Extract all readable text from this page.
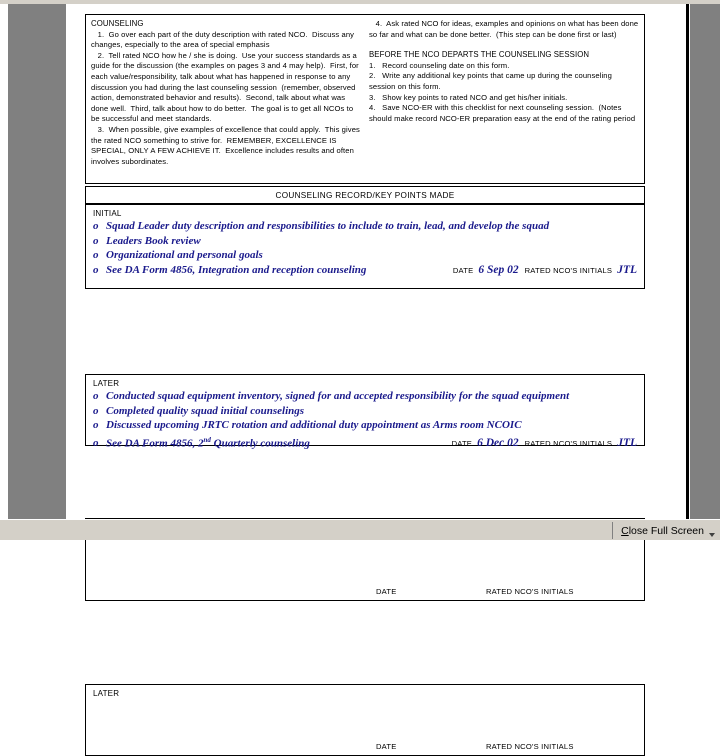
COUNSELING
1.  Go over each part of the duty description with rated NCO.  Discuss any changes, especially to the area of special emphasis
2.  Tell rated NCO how he / she is doing.  Use your success standards as a guide for the discussion (the examples on pages 3 and 4 may help).  First, for each value/responsibility, talk about what has happened in response to any discussion you had during the last counseling session  (remember, observed action, demonstrated behavior and results).  Second, talk about what was done well.  Third, talk about how to do better.  The goal is to get all NCOs to be successful and meet standards.
3.  When possible, give examples of excellence that could apply.  This gives the rated NCO something to strive for.  REMEMBER, EXCELLENCE IS SPECIAL, ONLY A FEW ACHIEVE IT.  Excellence includes results and often involves subordinates.
4.  Ask rated NCO for ideas, examples and opinions on what has been done so far and what can be done better.  (This step can be done first or last)
BEFORE THE NCO DEPARTS THE COUNSELING SESSION
1.   Record counseling date on this form.
2.   Write any additional key points that came up during the counseling session on this form.
3.   Show key points to rated NCO and get his/her initials.
4.   Save NCO-ER with this checklist for next counseling session.  (Notes should make record NCO-ER preparation easy at the end of the rating period
COUNSELING RECORD/KEY POINTS MADE
INITIAL
o Squad Leader duty description and responsibilities to include to train, lead, and develop the squad
o Leaders Book review
o Organizational and personal goals
o See DA Form 4856, Integration and reception counseling	DATE 6 Sep 02 RATED NCO'S INITIALS JTL
LATER
o Conducted squad equipment inventory, signed for and accepted responsibility for the squad equipment
o Completed quality squad initial counselings
o Discussed upcoming JRTC rotation and additional duty appointment as Arms room NCOIC
o See DA Form 4856, 2nd Quarterly counseling	DATE 6 Dec 02 RATED NCO'S INITIALS JTL
DATE	RATED NCO'S INITIALS
LATER
DATE	RATED NCO'S INITIALS
C lose Full Screen
